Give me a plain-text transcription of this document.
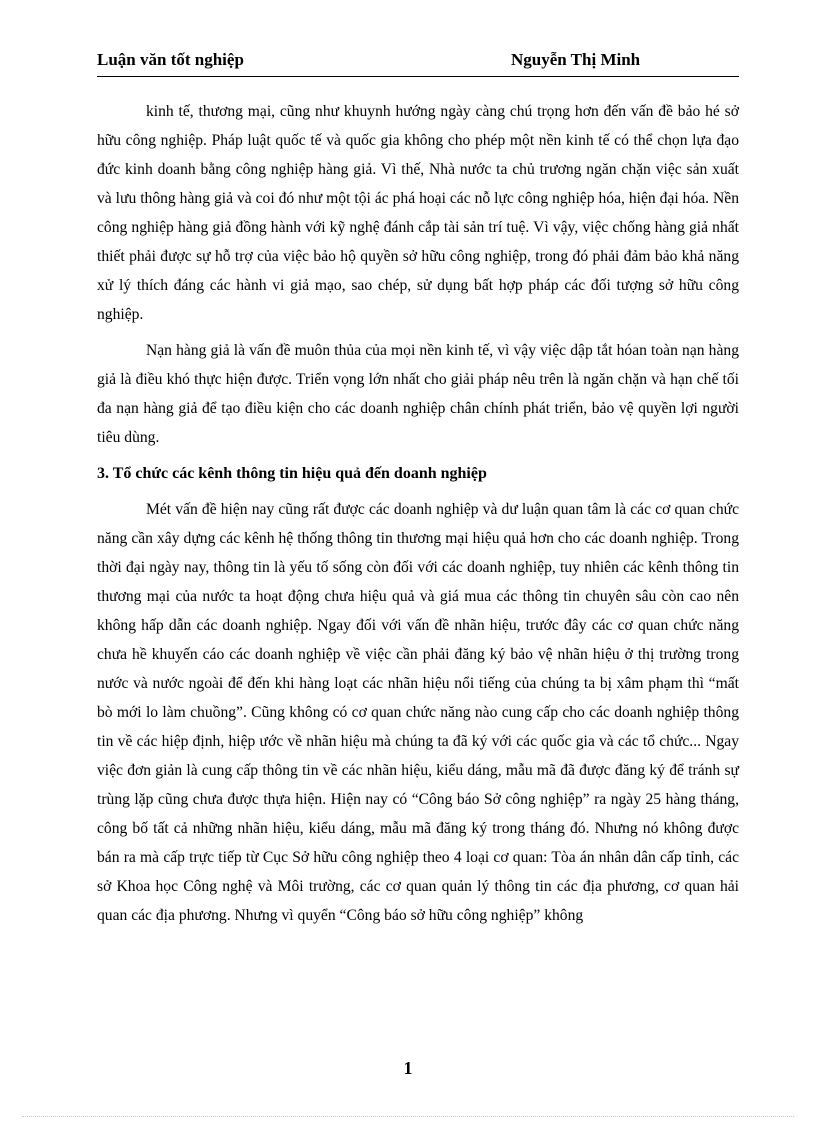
Luận văn tốt nghiệp	Nguyễn Thị Minh

kinh tế, thương mại, cũng như khuynh hướng ngày càng chú trọng hơn đến vấn đề bảo hé sở hữu công nghiệp. Pháp luật quốc tế và quốc gia không cho phép một nền kinh tế có thể chọn lựa đạo đức kinh doanh bằng công nghiệp hàng giả. Vì thế, Nhà nước ta chủ trương ngăn chặn việc sản xuất và lưu thông hàng giả và coi đó như một tội ác phá hoại các nỗ lực công nghiệp hóa, hiện đại hóa. Nền công nghiệp hàng giả đồng hành với kỹ nghệ đánh cắp tài sản trí tuệ. Vì vậy, việc chống hàng giả nhất thiết phải được sự hỗ trợ của việc bảo hộ quyền sở hữu công nghiệp, trong đó phải đảm bảo khả năng xử lý thích đáng các hành vi giả mạo, sao chép, sử dụng bất hợp pháp các đối tượng sở hữu công nghiệp.

Nạn hàng giả là vấn đề muôn thủa của mọi nền kinh tế, vì vậy việc dập tắt hóan toàn nạn hàng giả là điều khó thực hiện được. Triển vọng lớn nhất cho giải pháp nêu trên là ngăn chặn và hạn chế tối đa nạn hàng giả để tạo điều kiện cho các doanh nghiệp chân chính phát triển, bảo vệ quyền lợi người tiêu dùng.

3. Tổ chức các kênh thông tin hiệu quả đến doanh nghiệp

Mét vấn đề hiện nay cũng rất được các doanh nghiệp và dư luận quan tâm là các cơ quan chức năng cần xây dựng các kênh hệ thống thông tin thương mại hiệu quả hơn cho các doanh nghiệp. Trong thời đại ngày nay, thông tin là yếu tố sống còn đối với các doanh nghiệp, tuy nhiên các kênh thông tin thương mại của nước ta hoạt động chưa hiệu quả và giá mua các thông tin chuyên sâu còn cao nên không hấp dẫn các doanh nghiệp. Ngay đối với vấn đề nhãn hiệu, trước đây các cơ quan chức năng chưa hề khuyến cáo các doanh nghiệp về việc cần phải đăng ký bảo vệ nhãn hiệu ở thị trường trong nước và nước ngoài để đến khi hàng loạt các nhãn hiệu nổi tiếng của chúng ta bị xâm phạm thì “mất bò mới lo làm chuồng”. Cũng không có cơ quan chức năng nào cung cấp cho các doanh nghiệp thông tin về các hiệp định, hiệp ước về nhãn hiệu mà chúng ta đã ký với các quốc gia và các tổ chức... Ngay việc đơn giản là cung cấp thông tin về các nhãn hiệu, kiểu dáng, mẫu mã đã được đăng ký để tránh sự trùng lặp cũng chưa được thựa hiện. Hiện nay có “Công báo Sở công nghiệp” ra ngày 25 hàng tháng, công bố tất cả những nhãn hiệu, kiểu dáng, mẫu mã đăng ký trong tháng đó. Nhưng nó không được bán ra mà cấp trực tiếp từ Cục Sở hữu công nghiệp theo 4 loại cơ quan: Tòa án nhân dân cấp tỉnh, các sở Khoa học Công nghệ và Môi trường, các cơ quan quản lý thông tin các địa phương, cơ quan hải quan các địa phương. Nhưng vì quyển “Công báo sở hữu công nghiệp” không

1
